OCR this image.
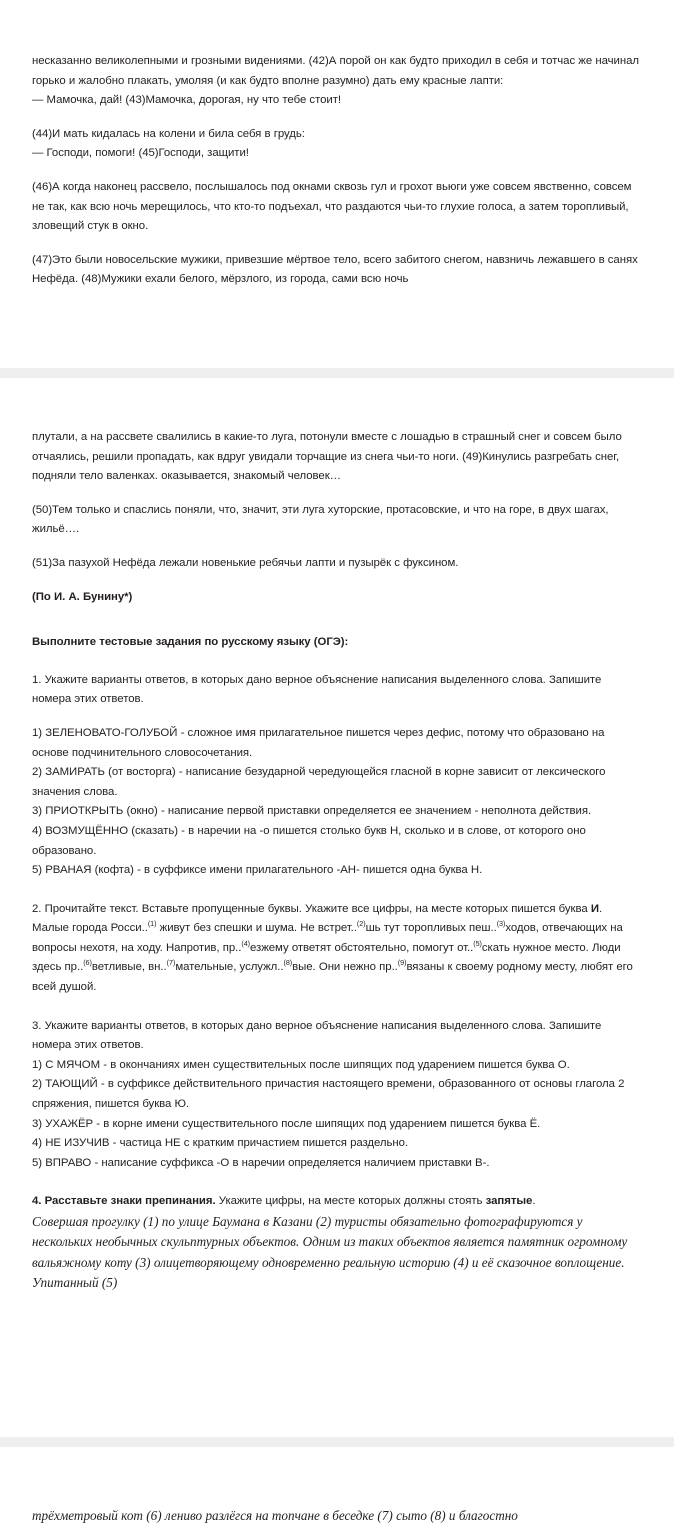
несказанно великолепными и грозными видениями. (42)А порой он как будто приходил в себя и тотчас же начинал горько и жалобно плакать, умоляя (и как будто вполне разумно) дать ему красные лапти:

— Мамочка, дай! (43)Мамочка, дорогая, ну что тебе стоит!

(44)И мать кидалась на колени и била себя в грудь:

— Господи, помоги! (45)Господи, защити!

(46)А когда наконец рассвело, послышалось под окнами сквозь гул и грохот вьюги уже совсем явственно, совсем не так, как всю ночь мерещилось, что кто-то подъехал, что раздаются чьи-то глухие голоса, а затем торопливый, зловещий стук в окно.

(47)Это были новосельские мужики, привезшие мёртвое тело, всего забитого снегом, навзничь лежавшего в санях Нефёда. (48)Мужики ехали белого, мёрзлого, из города, сами всю ночь

плутали, а на рассвете свалились в какие-то луга, потонули вместе с лошадью в страшный снег и совсем было отчаялись, решили пропадать, как вдруг увидали торчащие из снега чьи-то ноги. (49)Кинулись разгребать снег, подняли тело валенках. оказывается, знакомый человек…

(50)Тем только и спаслись поняли, что, значит, эти луга хуторские, протасовские, и что на горе, в двух шагах, жильё….

(51)За пазухой Нефёда лежали новенькие ребячьи лапти и пузырёк с фуксином.

(По И. А. Бунину*)

Выполните тестовые задания по русскому языку (ОГЭ):

1. Укажите варианты ответов, в которых дано верное объяснение написания выделенного слова. Запишите номера этих ответов.

1) ЗЕЛЕНОВАТО-ГОЛУБОЙ - сложное имя прилагательное пишется через дефис, потому что образовано на основе подчинительного словосочетания.

2) ЗАМИРАТЬ (от восторга) - написание безударной чередующейся гласной в корне зависит от лексического значения слова.

3) ПРИОТКРЫТЬ (окно) - написание первой приставки определяется ее значением - неполнота действия.

4) ВОЗМУЩЁННО (сказать) - в наречии на -о пишется столько букв Н, сколько и в слове, от которого оно образовано.

5) РВАНАЯ (кофта) - в суффиксе имени прилагательного -АН- пишется одна буква Н.

2. Прочитайте текст. Вставьте пропущенные буквы. Укажите все цифры, на месте которых пишется буква И.

Малые города Росси..$^{(1)}$ живут без спешки и шума. Не встрет..$^{(2)}$шь тут торопливых пеш..$^{(3)}$ходов, отвечающих на вопросы нехотя, на ходу. Напротив, пр..$^{(4)}$езжему ответят обстоятельно, помогут от..$^{(5)}$скать нужное место. Люди здесь пр..$^{(6)}$ветливые, вн..$^{(7)}$мательные, услужл..$^{(8)}$вые. Они нежно пр..$^{(9)}$вязаны к своему родному месту, любят его всей душой.

3. Укажите варианты ответов, в которых дано верное объяснение написания выделенного слова. Запишите номера этих ответов.

1) С МЯЧОМ - в окончаниях имен существительных после шипящих под ударением пишется буква О.

2) ТАЮЩИЙ - в суффиксе действительного причастия настоящего времени, образованного от основы глагола 2 спряжения, пишется буква Ю.

3) УХАЖЁР - в корне имени существительного после шипящих под ударением пишется буква Ё.

4) НЕ ИЗУЧИВ - частица НЕ с кратким причастием пишется раздельно.

5) ВПРАВО - написание суффикса -О в наречии определяется наличием приставки В-.

4. Расставьте знаки препинания. Укажите цифры, на месте которых должны стоять запятые.

Совершая прогулку (1) по улице Баумана в Казани (2) туристы обязательно фотографируются у нескольких необычных скульптурных объектов. Одним из таких объектов является памятник огромному вальяжному коту (3) олицетворяющему одновременно реальную историю (4) и её сказочное воплощение. Упитанный (5)

трёхметровый кот (6) лениво разлёгся на топчане в беседке (7) сыто (8) и благостно
